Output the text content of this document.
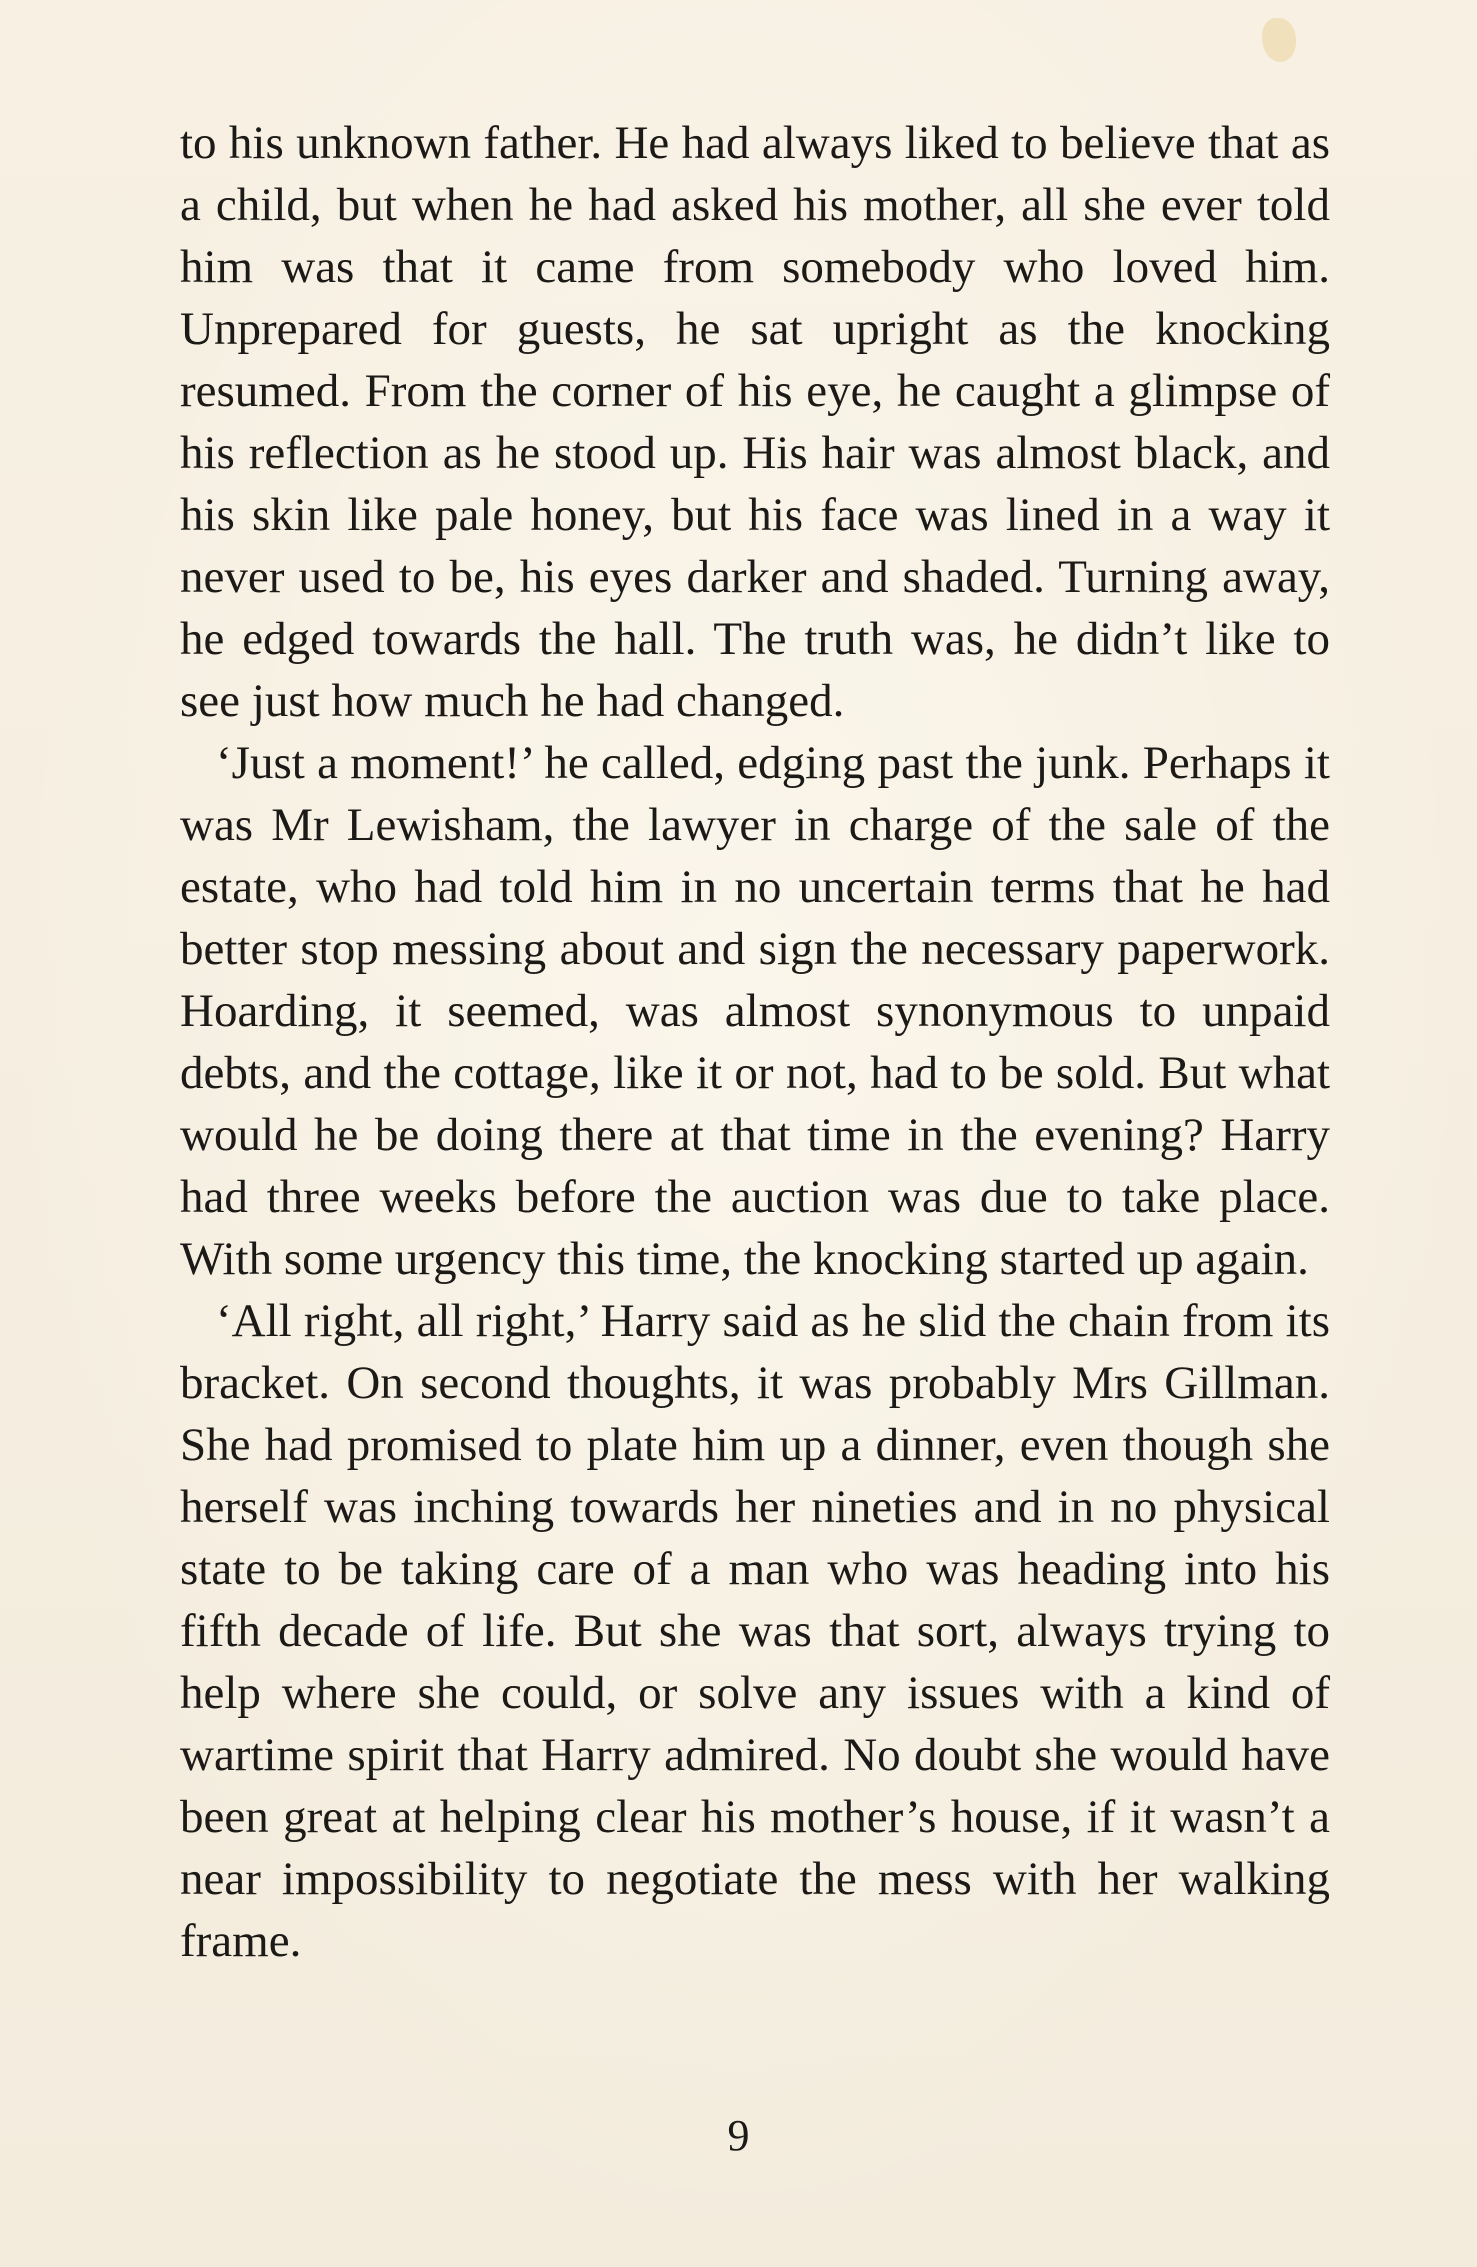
to his unknown father. He had always liked to believe that as a child, but when he had asked his mother, all she ever told him was that it came from somebody who loved him. Unprepared for guests, he sat upright as the knocking resumed. From the corner of his eye, he caught a glimpse of his reflection as he stood up. His hair was almost black, and his skin like pale honey, but his face was lined in a way it never used to be, his eyes darker and shaded. Turning away, he edged towards the hall. The truth was, he didn’t like to see just how much he had changed.

‘Just a moment!’ he called, edging past the junk. Perhaps it was Mr Lewisham, the lawyer in charge of the sale of the estate, who had told him in no uncertain terms that he had better stop messing about and sign the necessary paperwork. Hoarding, it seemed, was almost synonymous to unpaid debts, and the cottage, like it or not, had to be sold. But what would he be doing there at that time in the evening? Harry had three weeks before the auction was due to take place. With some urgency this time, the knocking started up again.

‘All right, all right,’ Harry said as he slid the chain from its bracket. On second thoughts, it was probably Mrs Gillman. She had promised to plate him up a dinner, even though she herself was inching towards her nineties and in no physical state to be taking care of a man who was heading into his fifth decade of life. But she was that sort, always trying to help where she could, or solve any issues with a kind of wartime spirit that Harry admired. No doubt she would have been great at helping clear his mother’s house, if it wasn’t a near impossibility to negotiate the mess with her walking frame.

9
